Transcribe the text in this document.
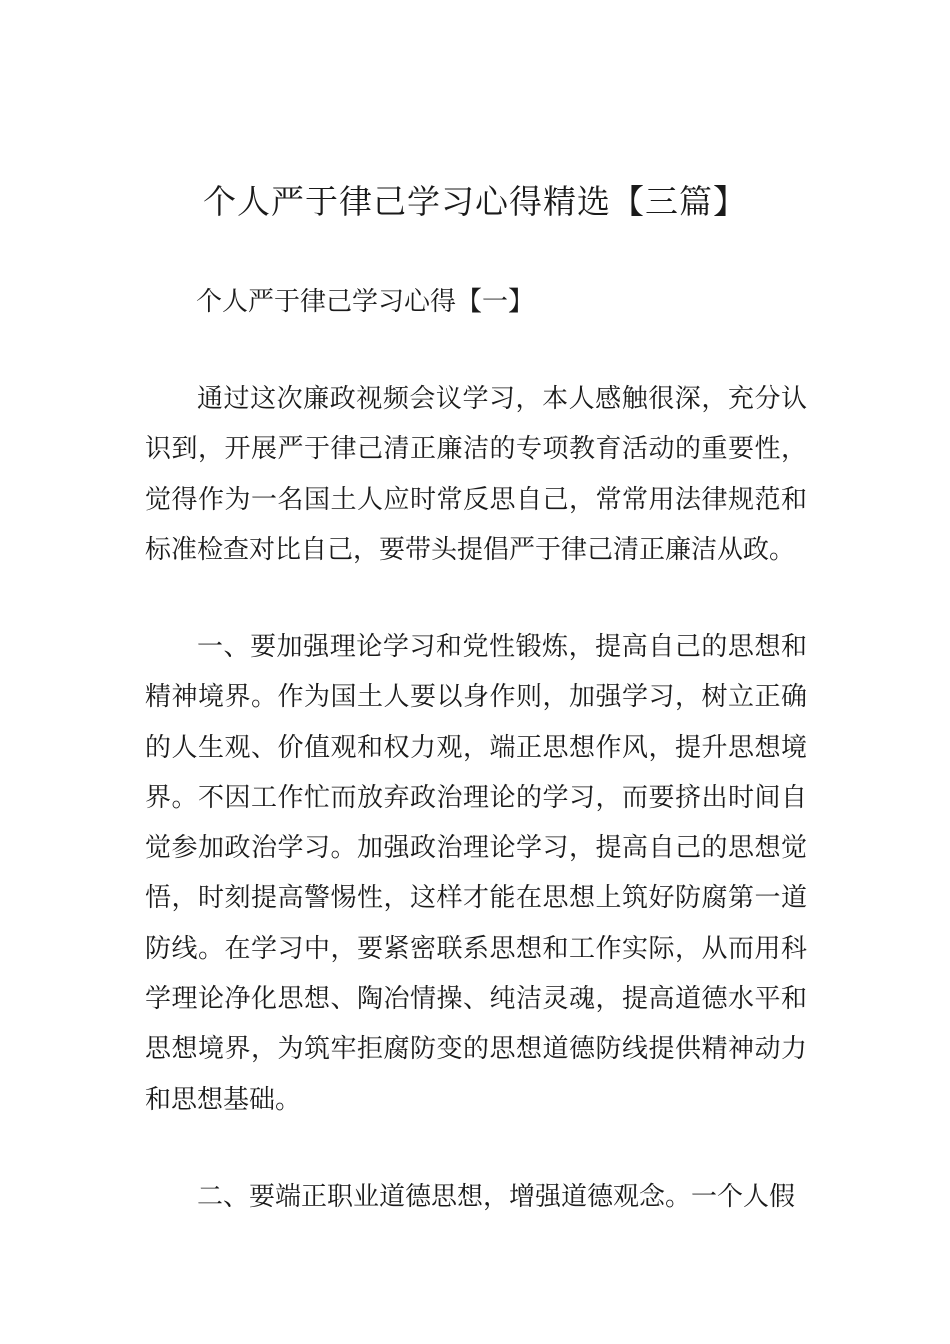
个人严于律己学习心得精选【三篇】

个人严于律己学习心得【一】

通过这次廉政视频会议学习，本人感触很深，充分认识到，开展严于律己清正廉洁的专项教育活动的重要性，觉得作为一名国土人应时常反思自己，常常用法律规范和标准检查对比自己，要带头提倡严于律己清正廉洁从政。

一、要加强理论学习和党性锻炼，提高自己的思想和精神境界。作为国土人要以身作则，加强学习，树立正确的人生观、价值观和权力观，端正思想作风，提升思想境界。不因工作忙而放弃政治理论的学习，而要挤出时间自觉参加政治学习。加强政治理论学习，提高自己的思想觉悟，时刻提高警惕性，这样才能在思想上筑好防腐第一道防线。在学习中，要紧密联系思想和工作实际，从而用科学理论净化思想、陶冶情操、纯洁灵魂，提高道德水平和思想境界，为筑牢拒腐防变的思想道德防线提供精神动力和思想基础。

二、要端正职业道德思想，增强道德观念。一个人假
